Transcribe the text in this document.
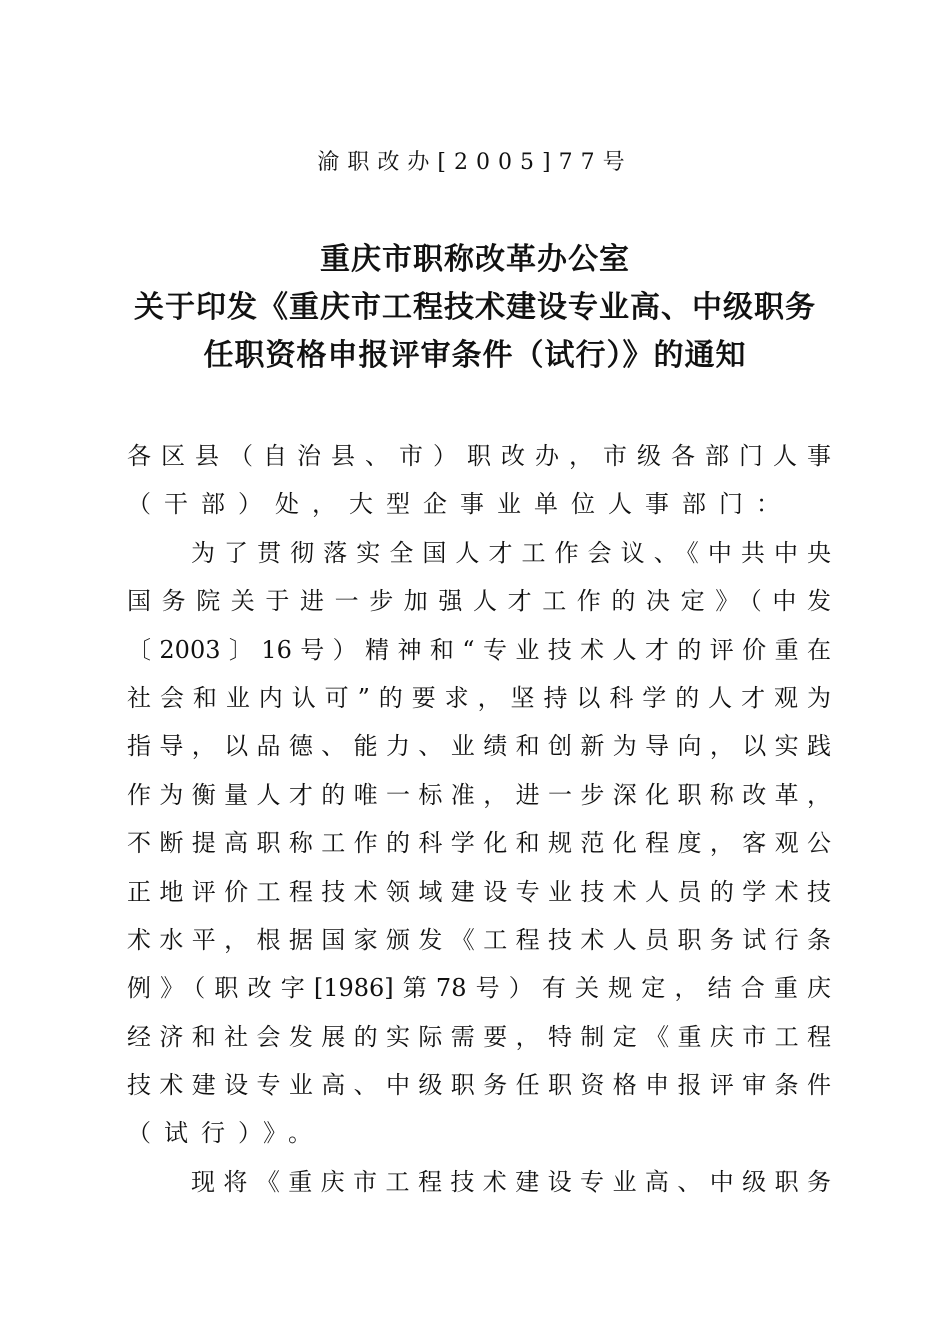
渝职改办[2005]77号
重庆市职称改革办公室
关于印发《重庆市工程技术建设专业高、中级职务
任职资格申报评审条件（试行）》的通知
各区县（自治县、市）职改办，市级各部门人事
（干部）处，大型企事业单位人事部门：
为了贯彻落实全国人才工作会议、《中共中央
国务院关于进一步加强人才工作的决定》（中发
〔2003〕16号）精神和“专业技术人才的评价重在
社会和业内认可”的要求，坚持以科学的人才观为
指导，以品德、能力、业绩和创新为导向，以实践
作为衡量人才的唯一标准，进一步深化职称改革，
不断提高职称工作的科学化和规范化程度，客观公
正地评价工程技术领域建设专业技术人员的学术技
术水平，根据国家颁发《工程技术人员职务试行条
例》（职改字[1986]第78号）有关规定，结合重庆
经济和社会发展的实际需要，特制定《重庆市工程
技术建设专业高、中级职务任职资格申报评审条件
（试行）》。
现将《重庆市工程技术建设专业高、中级职务
